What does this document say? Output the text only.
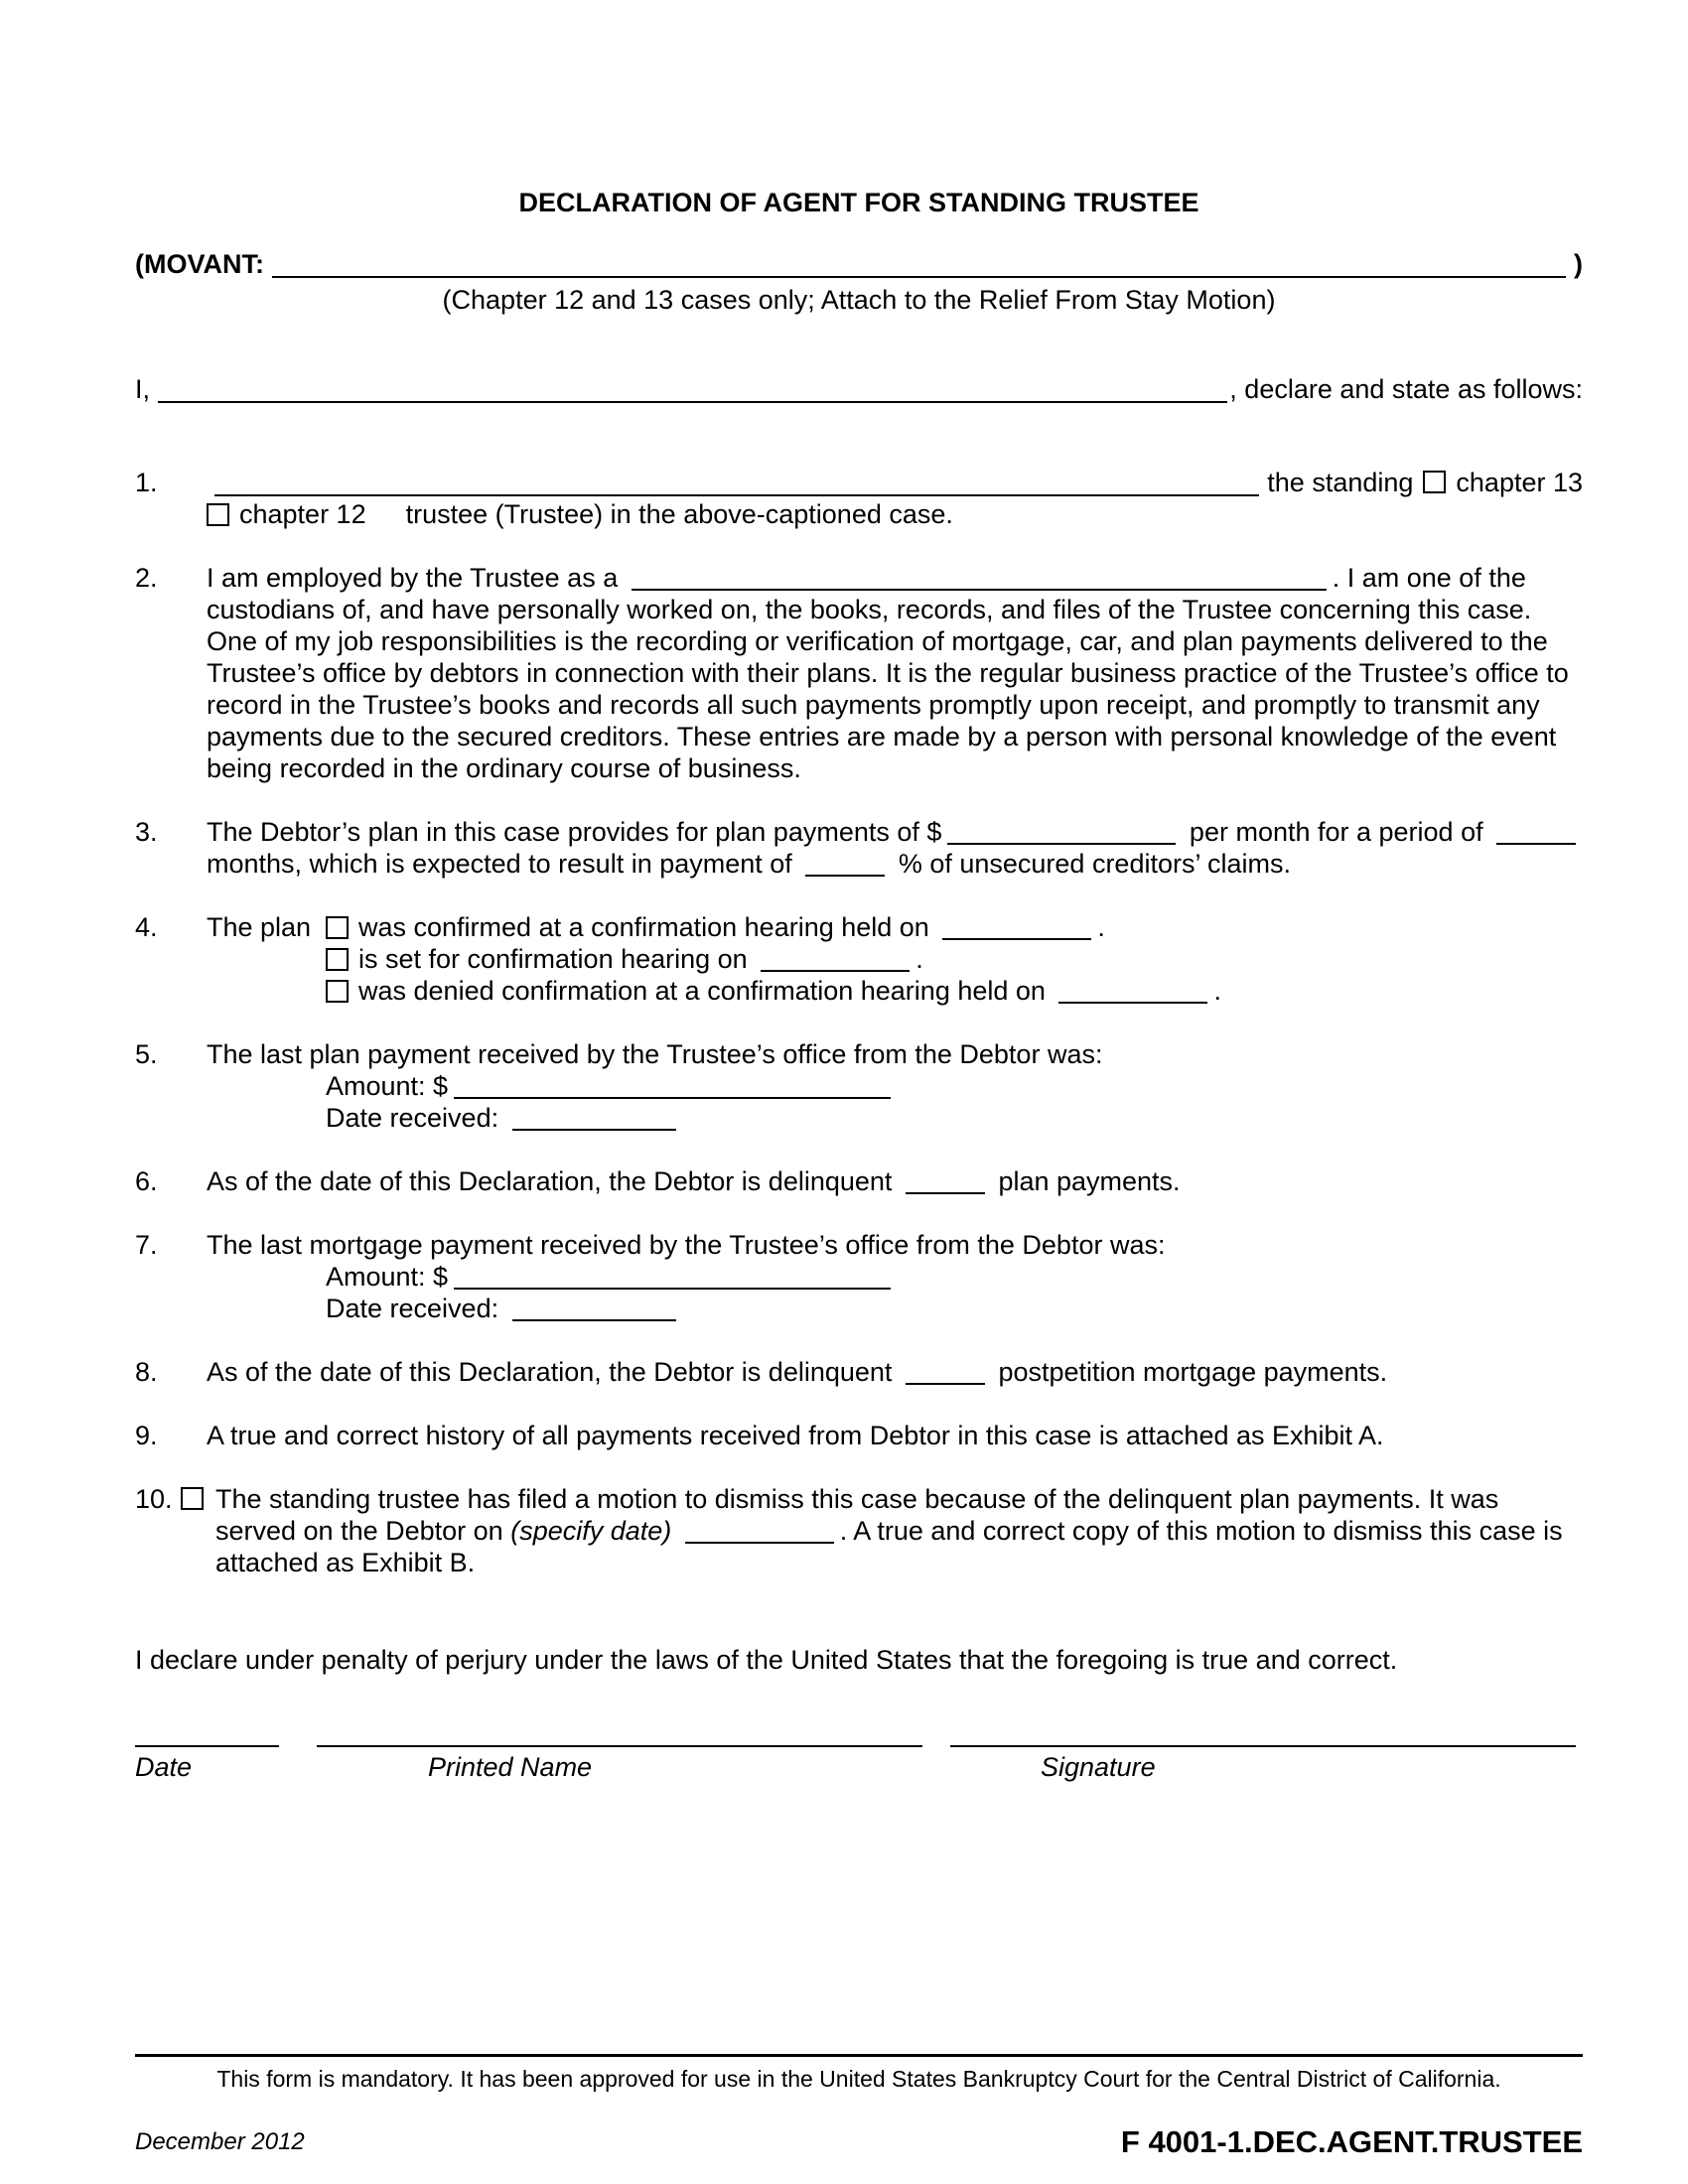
DECLARATION OF AGENT FOR STANDING TRUSTEE
(MOVANT:	)
(Chapter 12 and 13 cases only; Attach to the Relief From Stay Motion)
I,	, declare and state as follows:
1.	the standing chapter 13
chapter 12 trustee (Trustee) in the above-captioned case.
2.	I am employed by the Trustee as a	. I am one of the custodians of, and have personally worked on, the books, records, and files of the Trustee concerning this case. One of my job responsibilities is the recording or verification of mortgage, car, and plan payments delivered to the Trustee’s office by debtors in connection with their plans. It is the regular business practice of the Trustee’s office to record in the Trustee’s books and records all such payments promptly upon receipt, and promptly to transmit any payments due to the secured creditors. These entries are made by a person with personal knowledge of the event being recorded in the ordinary course of business.
3.	The Debtor’s plan in this case provides for plan payments of $	per month for a period of  months, which is expected to result in payment of	% of unsecured creditors’ claims.
4.	The plan	was confirmed at a confirmation hearing held on	.
is set for confirmation hearing on	.
was denied confirmation at a confirmation hearing held on	.
5.	The last plan payment received by the Trustee’s office from the Debtor was:
Amount: $
Date received:
6.	As of the date of this Declaration, the Debtor is delinquent	plan payments.
7.	The last mortgage payment received by the Trustee’s office from the Debtor was:
Amount: $
Date received:
8.	As of the date of this Declaration, the Debtor is delinquent	postpetition mortgage payments.
9.	A true and correct history of all payments received from Debtor in this case is attached as Exhibit A.
10. The standing trustee has filed a motion to dismiss this case because of the delinquent plan payments. It was served on the Debtor on (specify date)	. A true and correct copy of this motion to dismiss this case is attached as Exhibit B.
I declare under penalty of perjury under the laws of the United States that the foregoing is true and correct.
Date	Printed Name	Signature
This form is mandatory. It has been approved for use in the United States Bankruptcy Court for the Central District of California.
December 2012	F 4001-1.DEC.AGENT.TRUSTEE
